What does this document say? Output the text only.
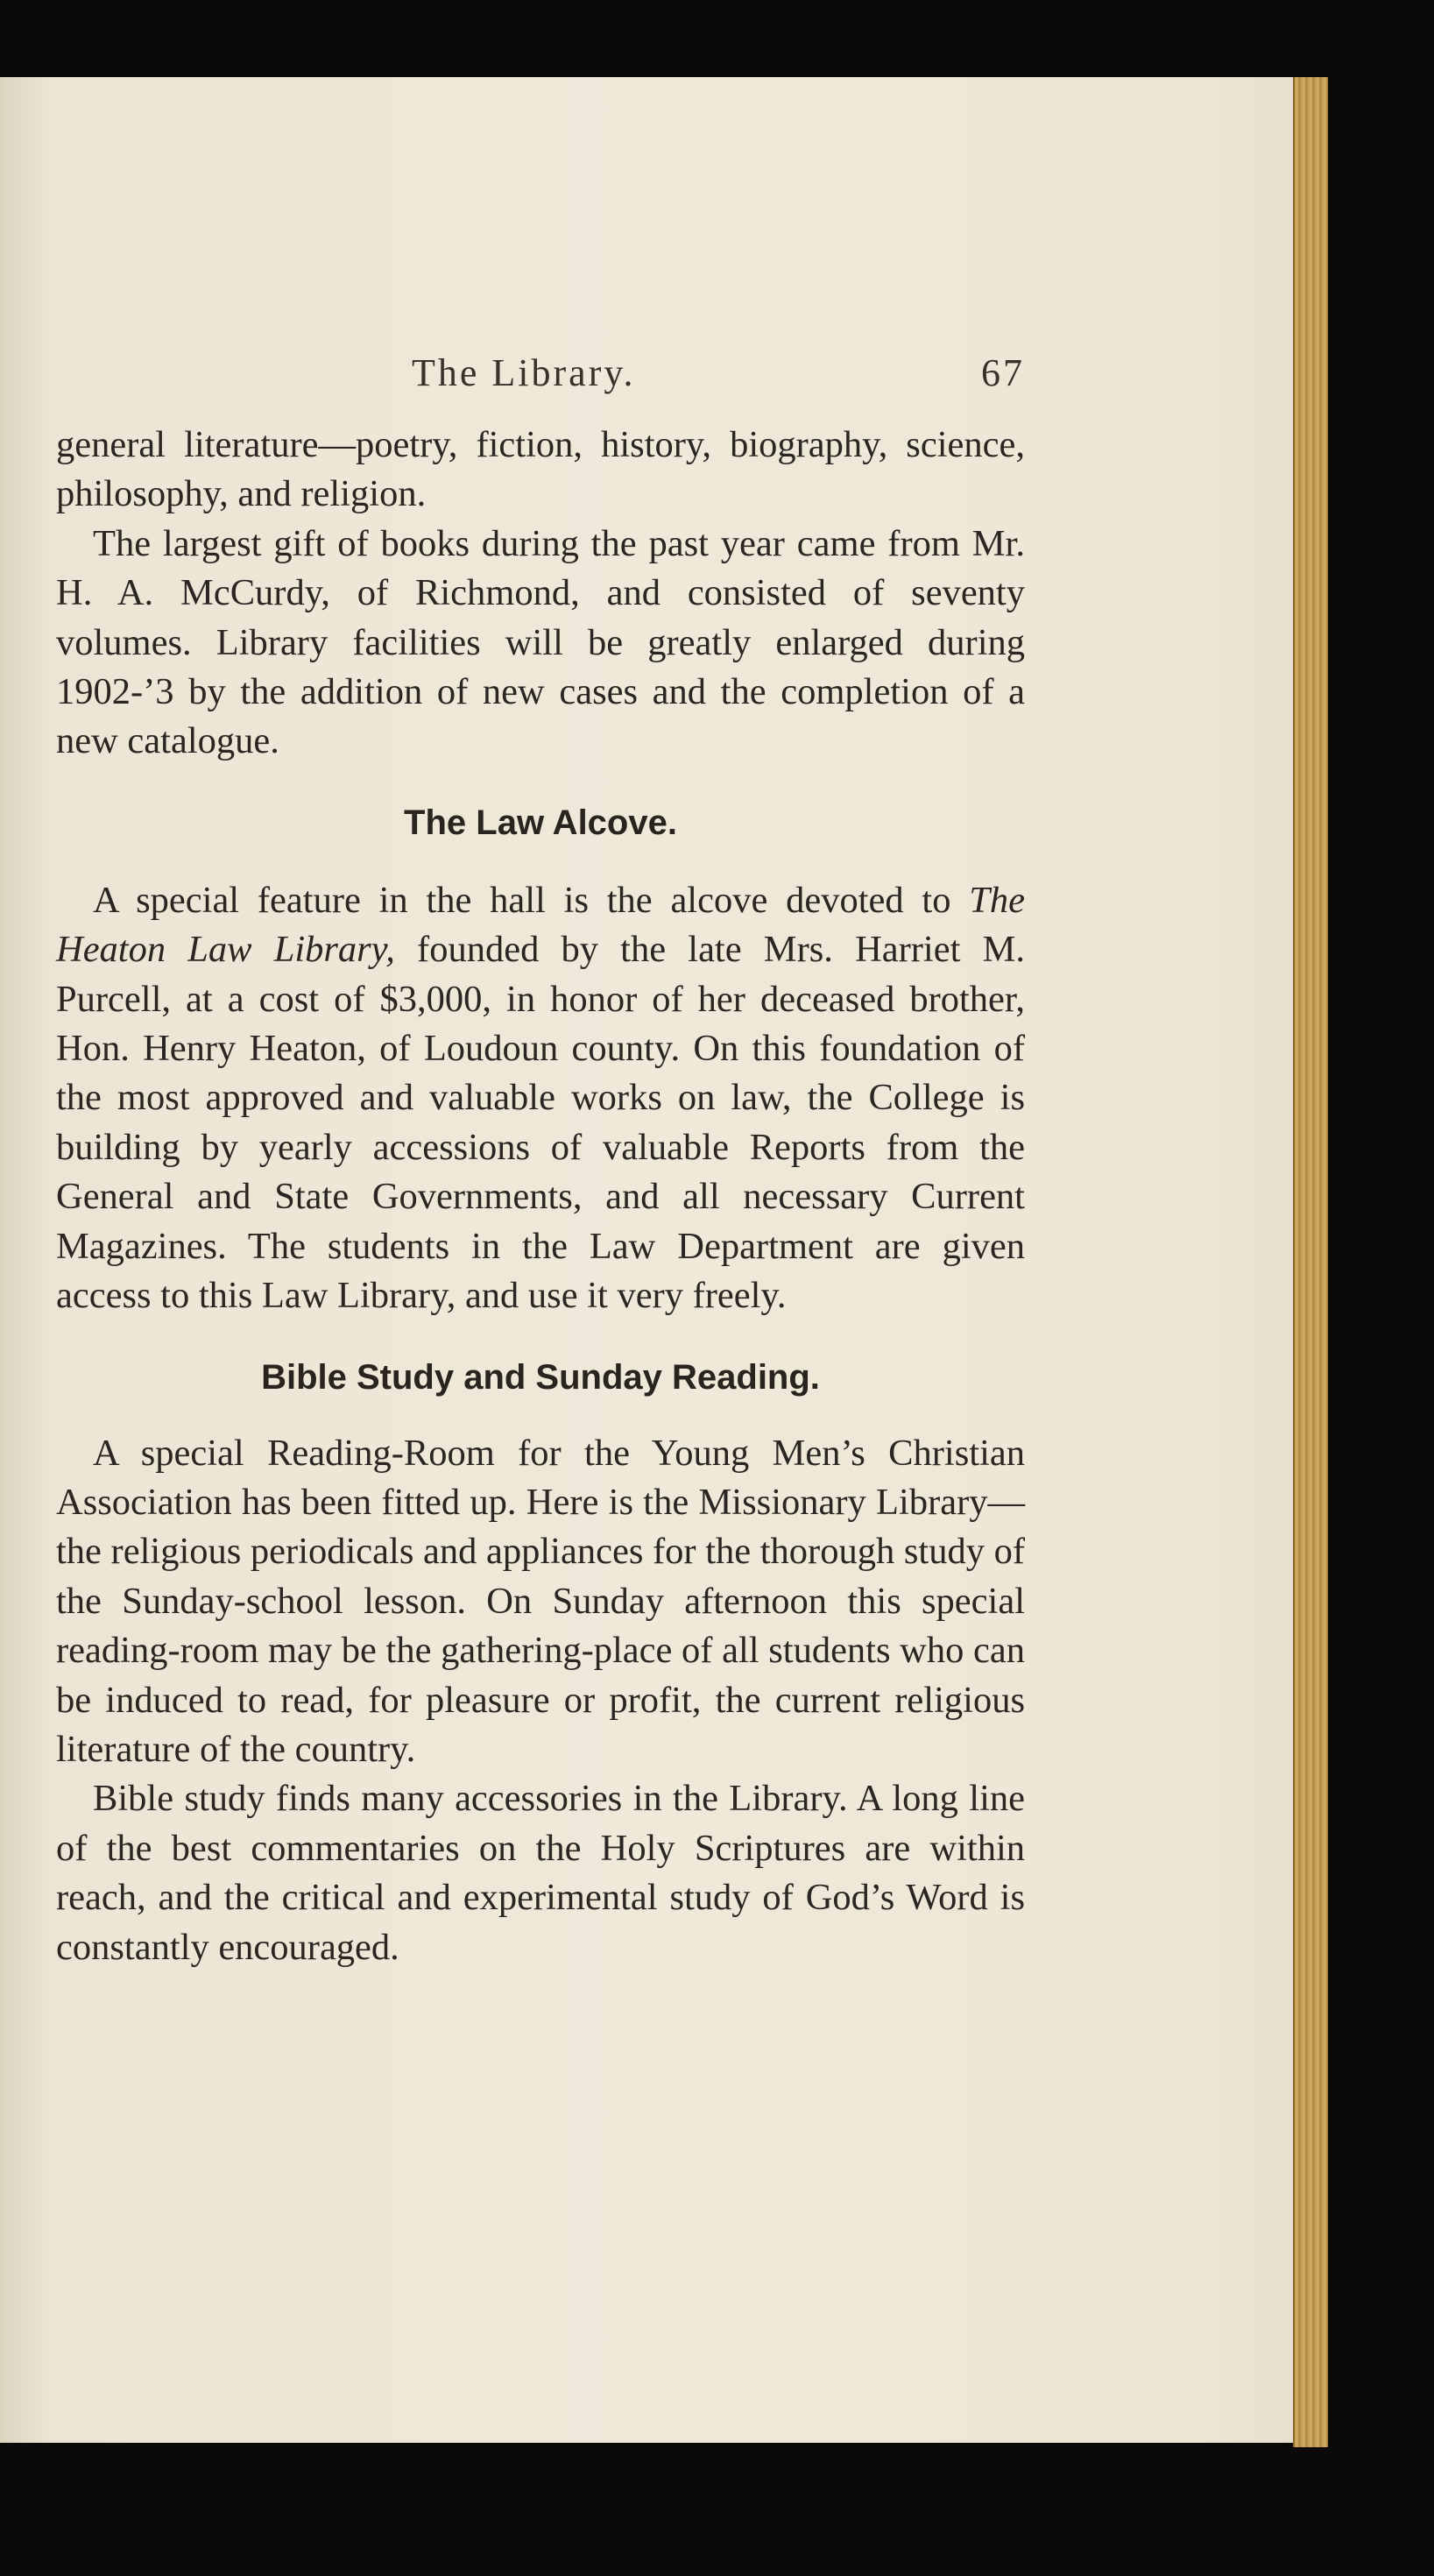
The Library.	67

general literature—poetry, fiction, history, biography, science, philosophy, and religion.

The largest gift of books during the past year came from Mr. H. A. McCurdy, of Richmond, and consisted of seventy volumes. Library facilities will be greatly enlarged during 1902-’3 by the addition of new cases and the completion of a new catalogue.

The Law Alcove.

A special feature in the hall is the alcove devoted to The Heaton Law Library, founded by the late Mrs. Harriet M. Purcell, at a cost of $3,000, in honor of her deceased brother, Hon. Henry Heaton, of Loudoun county. On this foundation of the most approved and valuable works on law, the College is building by yearly accessions of valuable Reports from the General and State Governments, and all necessary Current Magazines. The students in the Law Department are given access to this Law Library, and use it very freely.

Bible Study and Sunday Reading.

A special Reading-Room for the Young Men’s Christian Association has been fitted up. Here is the Missionary Library—the religious periodicals and appliances for the thorough study of the Sunday-school lesson. On Sunday afternoon this special reading-room may be the gathering-place of all students who can be induced to read, for pleasure or profit, the current religious literature of the country.

Bible study finds many accessories in the Library. A long line of the best commentaries on the Holy Scriptures are within reach, and the critical and experimental study of God’s Word is constantly encouraged.
